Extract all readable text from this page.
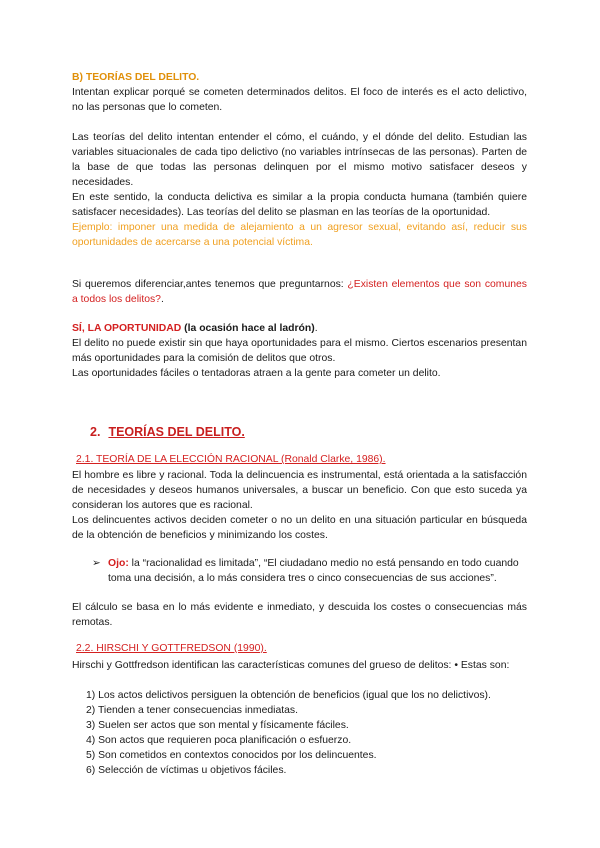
B) TEORÍAS DEL DELITO.

Intentan explicar porqué se cometen determinados delitos. El foco de interés es el acto delictivo, no las personas que lo cometen.

Las teorías del delito intentan entender el cómo, el cuándo, y el dónde del delito. Estudian las variables situacionales de cada tipo delictivo (no variables intrínsecas de las personas). Parten de la base de que todas las personas delinquen por el mismo motivo satisfacer deseos y necesidades.

En este sentido, la conducta delictiva es similar a la propia conducta humana (también quiere satisfacer necesidades). Las teorías del delito se plasman en las teorías de la oportunidad.

Ejemplo: imponer una medida de alejamiento a un agresor sexual, evitando así, reducir sus oportunidades de acercarse a una potencial víctima.

Si queremos diferenciar,antes tenemos que preguntarnos: ¿Existen elementos que son comunes a todos los delitos?.

SÍ, LA OPORTUNIDAD (la ocasión hace al ladrón).

El delito no puede existir sin que haya oportunidades para el mismo. Ciertos escenarios presentan más oportunidades para la comisión de delitos que otros.

Las oportunidades fáciles o tentadoras atraen a la gente para cometer un delito.

2. TEORÍAS DEL DELITO.
2.1. TEORÍA DE LA ELECCIÓN RACIONAL (Ronald Clarke, 1986).

El hombre es libre y racional. Toda la delincuencia es instrumental, está orientada a la satisfacción de necesidades y deseos humanos universales, a buscar un beneficio. Con que esto suceda ya consideran los autores que es racional.

Los delincuentes activos deciden cometer o no un delito en una situación particular en búsqueda de la obtención de beneficios y minimizando los costes.

➢ Ojo: la “racionalidad es limitada”, “El ciudadano medio no está pensando en todo cuando toma una decisión, a lo más considera tres o cinco consecuencias de sus acciones”.

El cálculo se basa en lo más evidente e inmediato, y descuida los costes o consecuencias más remotas.

2.2. HIRSCHI Y GOTTFREDSON (1990).

Hirschi y Gottfredson identifican las características comunes del grueso de delitos: • Estas son:

1) Los actos delictivos persiguen la obtención de beneficios (igual que los no delictivos).
2) Tienden a tener consecuencias inmediatas.
3) Suelen ser actos que son mental y físicamente fáciles.
4) Son actos que requieren poca planificación o esfuerzo.
5) Son cometidos en contextos conocidos por los delincuentes.
6) Selección de víctimas u objetivos fáciles.
